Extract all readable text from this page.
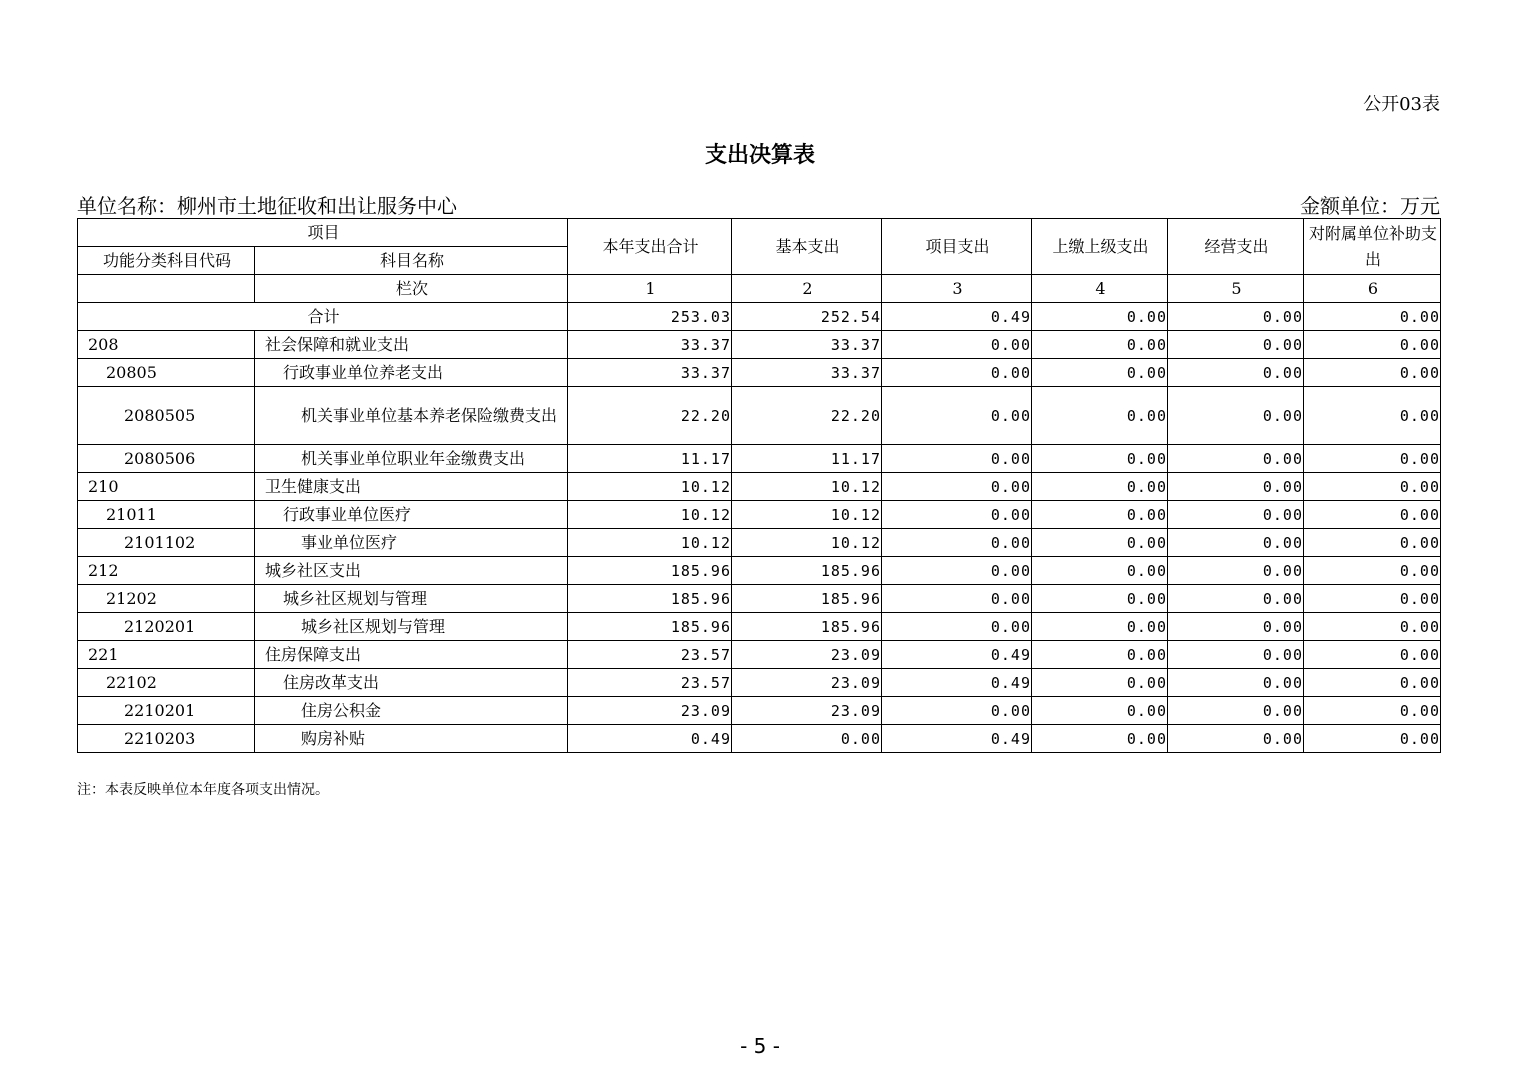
公开03表
支出决算表
单位名称：柳州市土地征收和出让服务中心	金额单位：万元
项目		本年支出合计	基本支出	项目支出	上缴上级支出	经营支出	对附属单位补助支出
功能分类科目代码	科目名称						
	栏次	1	2	3	4	5	6
合计		253.03	252.54	0.49	0.00	0.00	0.00
208	社会保障和就业支出	33.37	33.37	0.00	0.00	0.00	0.00
20805	行政事业单位养老支出	33.37	33.37	0.00	0.00	0.00	0.00
2080505	机关事业单位基本养老保险缴费支出	22.20	22.20	0.00	0.00	0.00	0.00
2080506	机关事业单位职业年金缴费支出	11.17	11.17	0.00	0.00	0.00	0.00
210	卫生健康支出	10.12	10.12	0.00	0.00	0.00	0.00
21011	行政事业单位医疗	10.12	10.12	0.00	0.00	0.00	0.00
2101102	事业单位医疗	10.12	10.12	0.00	0.00	0.00	0.00
212	城乡社区支出	185.96	185.96	0.00	0.00	0.00	0.00
21202	城乡社区规划与管理	185.96	185.96	0.00	0.00	0.00	0.00
2120201	城乡社区规划与管理	185.96	185.96	0.00	0.00	0.00	0.00
221	住房保障支出	23.57	23.09	0.49	0.00	0.00	0.00
22102	住房改革支出	23.57	23.09	0.49	0.00	0.00	0.00
2210201	住房公积金	23.09	23.09	0.00	0.00	0.00	0.00
2210203	购房补贴	0.49	0.00	0.49	0.00	0.00	0.00
注：本表反映单位本年度各项支出情况。
- 5 -
